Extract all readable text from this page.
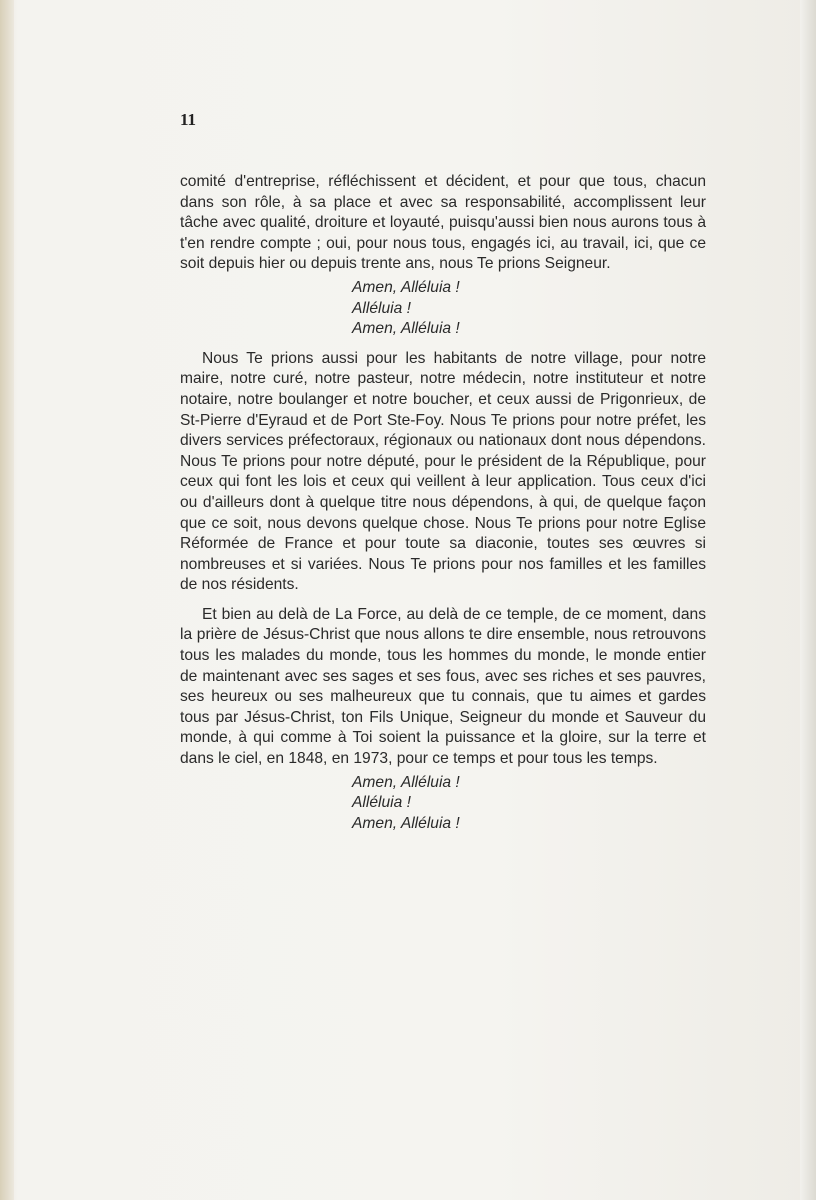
11

comité d'entreprise, réfléchissent et décident, et pour que tous, chacun dans son rôle, à sa place et avec sa responsabilité, accomplissent leur tâche avec qualité, droiture et loyauté, puisqu'aussi bien nous aurons tous à t'en rendre compte ; oui, pour nous tous, engagés ici, au travail, ici, que ce soit depuis hier ou depuis trente ans, nous Te prions Seigneur.

Amen, Alléluia !
Alléluia !
Amen, Alléluia !

Nous Te prions aussi pour les habitants de notre village, pour notre maire, notre curé, notre pasteur, notre médecin, notre instituteur et notre notaire, notre boulanger et notre boucher, et ceux aussi de Prigonrieux, de St-Pierre d'Eyraud et de Port Ste-Foy. Nous Te prions pour notre préfet, les divers services préfectoraux, régionaux ou nationaux dont nous dépendons. Nous Te prions pour notre député, pour le président de la République, pour ceux qui font les lois et ceux qui veillent à leur application. Tous ceux d'ici ou d'ailleurs dont à quelque titre nous dépendons, à qui, de quelque façon que ce soit, nous devons quelque chose. Nous Te prions pour notre Eglise Réformée de France et pour toute sa diaconie, toutes ses œuvres si nombreuses et si variées. Nous Te prions pour nos familles et les familles de nos résidents.

Et bien au delà de La Force, au delà de ce temple, de ce moment, dans la prière de Jésus-Christ que nous allons te dire ensemble, nous retrouvons tous les malades du monde, tous les hommes du monde, le monde entier de maintenant avec ses sages et ses fous, avec ses riches et ses pauvres, ses heureux ou ses malheureux que tu connais, que tu aimes et gardes tous par Jésus-Christ, ton Fils Unique, Seigneur du monde et Sauveur du monde, à qui comme à Toi soient la puissance et la gloire, sur la terre et dans le ciel, en 1848, en 1973, pour ce temps et pour tous les temps.

Amen, Alléluia !
Alléluia !
Amen, Alléluia !
